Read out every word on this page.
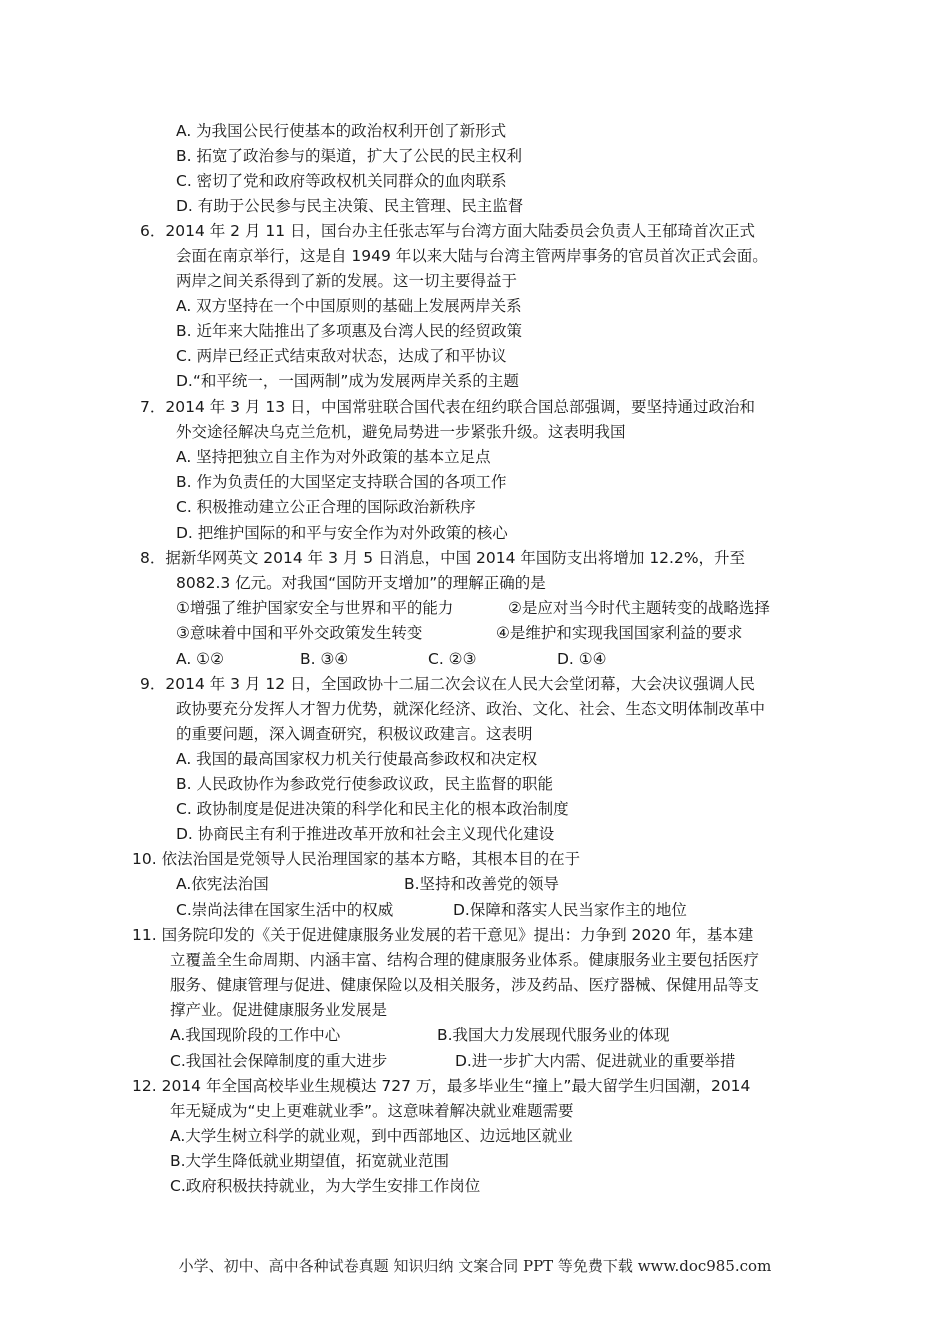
A. 为我国公民行使基本的政治权利开创了新形式
B. 拓宽了政治参与的渠道，扩大了公民的民主权利
C. 密切了党和政府等政权机关同群众的血肉联系
D. 有助于公民参与民主决策、民主管理、民主监督
6．2014 年 2 月 11 日，国台办主任张志军与台湾方面大陆委员会负责人王郁琦首次正式
会面在南京举行，这是自 1949 年以来大陆与台湾主管两岸事务的官员首次正式会面。
两岸之间关系得到了新的发展。这一切主要得益于
A. 双方坚持在一个中国原则的基础上发展两岸关系
B. 近年来大陆推出了多项惠及台湾人民的经贸政策
C. 两岸已经正式结束敌对状态，达成了和平协议
D.“和平统一，一国两制”成为发展两岸关系的主题
7．2014 年 3 月 13 日，中国常驻联合国代表在纽约联合国总部强调，要坚持通过政治和
外交途径解决乌克兰危机，避免局势进一步紧张升级。这表明我国
A. 坚持把独立自主作为对外政策的基本立足点
B. 作为负责任的大国坚定支持联合国的各项工作
C. 积极推动建立公正合理的国际政治新秩序
D. 把维护国际的和平与安全作为对外政策的核心
8．据新华网英文 2014 年 3 月 5 日消息，中国 2014 年国防支出将增加 12.2%，升至
8082.3 亿元。对我国“国防开支增加”的理解正确的是
①增强了维护国家安全与世界和平的能力	②是应对当今时代主题转变的战略选择
③意味着中国和平外交政策发生转变	④是维护和实现我国国家利益的要求
A. ①②	B. ③④	C. ②③	D. ①④
9．2014 年 3 月 12 日，全国政协十二届二次会议在人民大会堂闭幕，大会决议强调人民
政协要充分发挥人才智力优势，就深化经济、政治、文化、社会、生态文明体制改革中
的重要问题，深入调查研究，积极议政建言。这表明
A. 我国的最高国家权力机关行使最高参政权和决定权
B. 人民政协作为参政党行使参政议政，民主监督的职能
C. 政协制度是促进决策的科学化和民主化的根本政治制度
D. 协商民主有利于推进改革开放和社会主义现代化建设
10. 依法治国是党领导人民治理国家的基本方略，其根本目的在于
A.依宪法治国	B.坚持和改善党的领导
C.崇尚法律在国家生活中的权威	D.保障和落实人民当家作主的地位
11. 国务院印发的《关于促进健康服务业发展的若干意见》提出：力争到 2020 年，基本建
立覆盖全生命周期、内涵丰富、结构合理的健康服务业体系。健康服务业主要包括医疗
服务、健康管理与促进、健康保险以及相关服务，涉及药品、医疗器械、保健用品等支
撑产业。促进健康服务业发展是
A.我国现阶段的工作中心	B.我国大力发展现代服务业的体现
C.我国社会保障制度的重大进步	D.进一步扩大内需、促进就业的重要举措
12. 2014 年全国高校毕业生规模达 727 万，最多毕业生“撞上”最大留学生归国潮，2014
年无疑成为“史上更难就业季”。这意味着解决就业难题需要
A.大学生树立科学的就业观，到中西部地区、边远地区就业
B.大学生降低就业期望值，拓宽就业范围
C.政府积极扶持就业，为大学生安排工作岗位
小学、初中、高中各种试卷真题 知识归纳 文案合同 PPT 等免费下载 www.doc985.com
